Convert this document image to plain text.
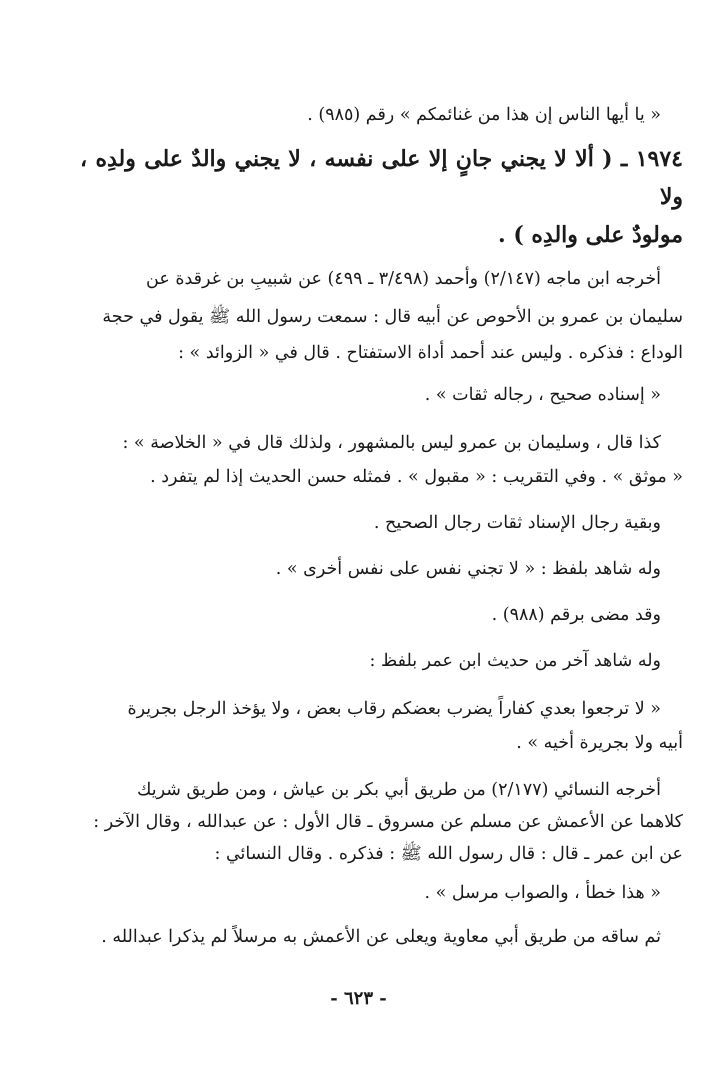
« يا أيها الناس إن هذا من غنائمكم » رقم (٩٨٥) .
١٩٧٤ ـ ( ألا لا يجني جانٍ إلا على نفسه ، لا يجني والدٌ على ولدِه ، ولا
مولودٌ على والدِه ) .
أخرجه ابن ماجه (٢/١٤٧) وأحمد (٣/٤٩٨ ـ ٤٩٩) عن شبيبِ بن غرقدة عن
سليمان بن عمرو بن الأحوص عن أبيه قال : سمعت رسول الله ﷺ يقول في حجة
الوداع : فذكره . وليس عند أحمد أداة الاستفتاح . قال في « الزوائد » :
« إسناده صحيح ، رجاله ثقات » .
كذا قال ، وسليمان بن عمرو ليس بالمشهور ، ولذلك قال في « الخلاصة » :
« موثق » . وفي التقريب : « مقبول » . فمثله حسن الحديث إذا لم يتفرد .
وبقية رجال الإسناد ثقات رجال الصحيح .
وله شاهد بلفظ : « لا تجني نفس على نفس أخرى » .
وقد مضى برقم (٩٨٨) .
وله شاهد آخر من حديث ابن عمر بلفظ :
« لا ترجعوا بعدي كفاراً يضرب بعضكم رقاب بعض ، ولا يؤخذ الرجل بجريرة
أبيه ولا بجريرة أخيه » .
أخرجه النسائي (٢/١٧٧) من طريق أبي بكر بن عياش ، ومن طريق شريك
كلاهما عن الأعمش عن مسلم عن مسروق ـ قال الأول : عن عبدالله ، وقال الآخر :
عن ابن عمر ـ قال : قال رسول الله ﷺ : فذكره . وقال النسائي :
« هذا خطأ ، والصواب مرسل » .
ثم ساقه من طريق أبي معاوية ويعلى عن الأعمش به مرسلاً لم يذكرا عبدالله .
- ٦٢٣ -
